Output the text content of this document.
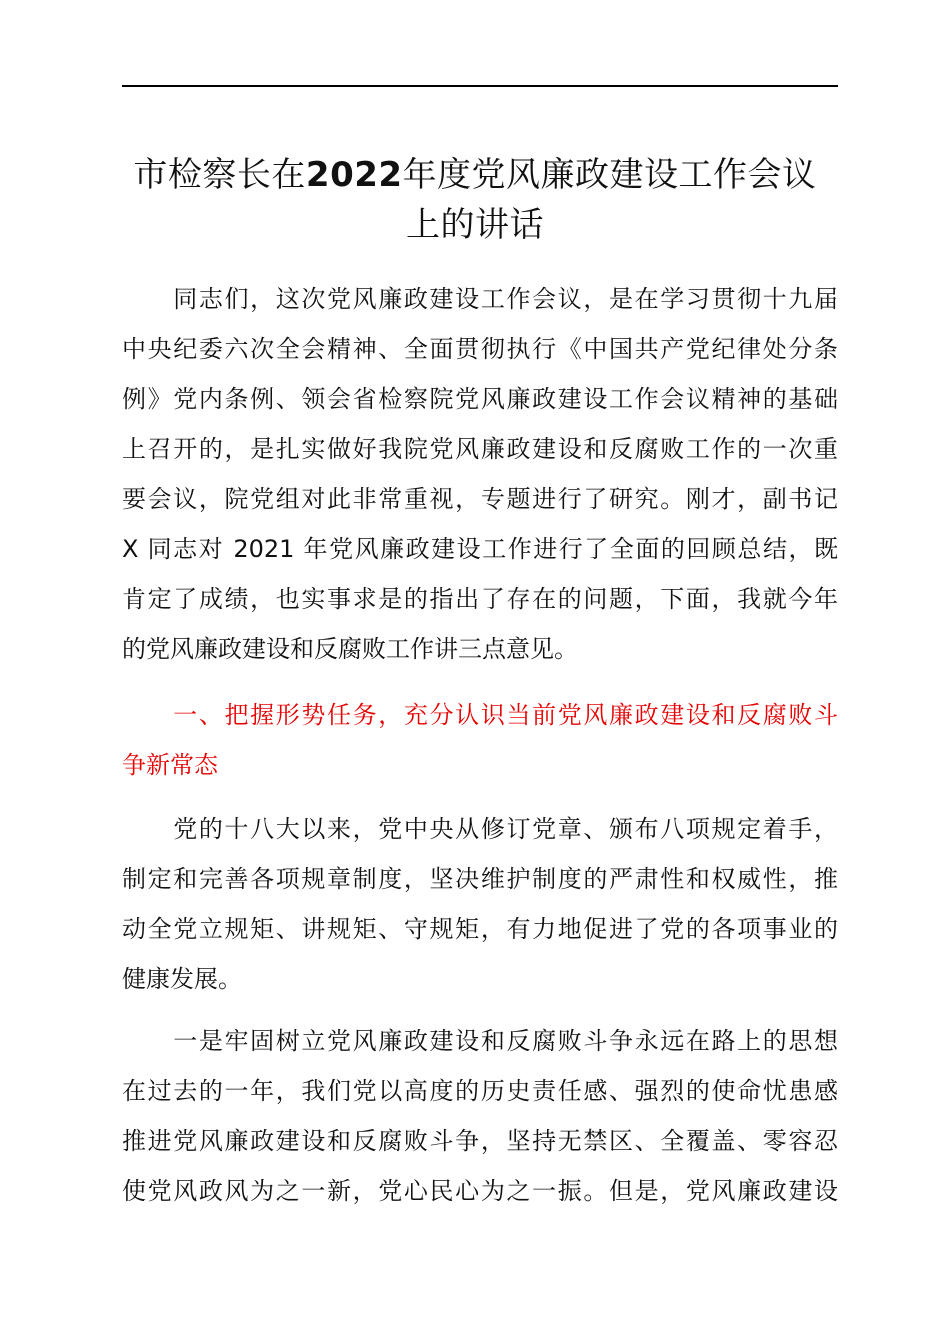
市检察长在2022年度党风廉政建设工作会议
上的讲话

　　同志们，这次党风廉政建设工作会议，是在学习贯彻十九届
中央纪委六次全会精神、全面贯彻执行《中国共产党纪律处分条
例》党内条例、领会省检察院党风廉政建设工作会议精神的基础
上召开的，是扎实做好我院党风廉政建设和反腐败工作的一次重
要会议，院党组对此非常重视，专题进行了研究。刚才，副书记
X 同志对 2021 年党风廉政建设工作进行了全面的回顾总结，既
肯定了成绩，也实事求是的指出了存在的问题，下面，我就今年
的党风廉政建设和反腐败工作讲三点意见。

　　一、把握形势任务，充分认识当前党风廉政建设和反腐败斗
争新常态

　　党的十八大以来，党中央从修订党章、颁布八项规定着手，
制定和完善各项规章制度，坚决维护制度的严肃性和权威性，推
动全党立规矩、讲规矩、守规矩，有力地促进了党的各项事业的
健康发展。

　　一是牢固树立党风廉政建设和反腐败斗争永远在路上的思想
在过去的一年，我们党以高度的历史责任感、强烈的使命忧患感
推进党风廉政建设和反腐败斗争，坚持无禁区、全覆盖、零容忍
使党风政风为之一新，党心民心为之一振。但是，党风廉政建设
